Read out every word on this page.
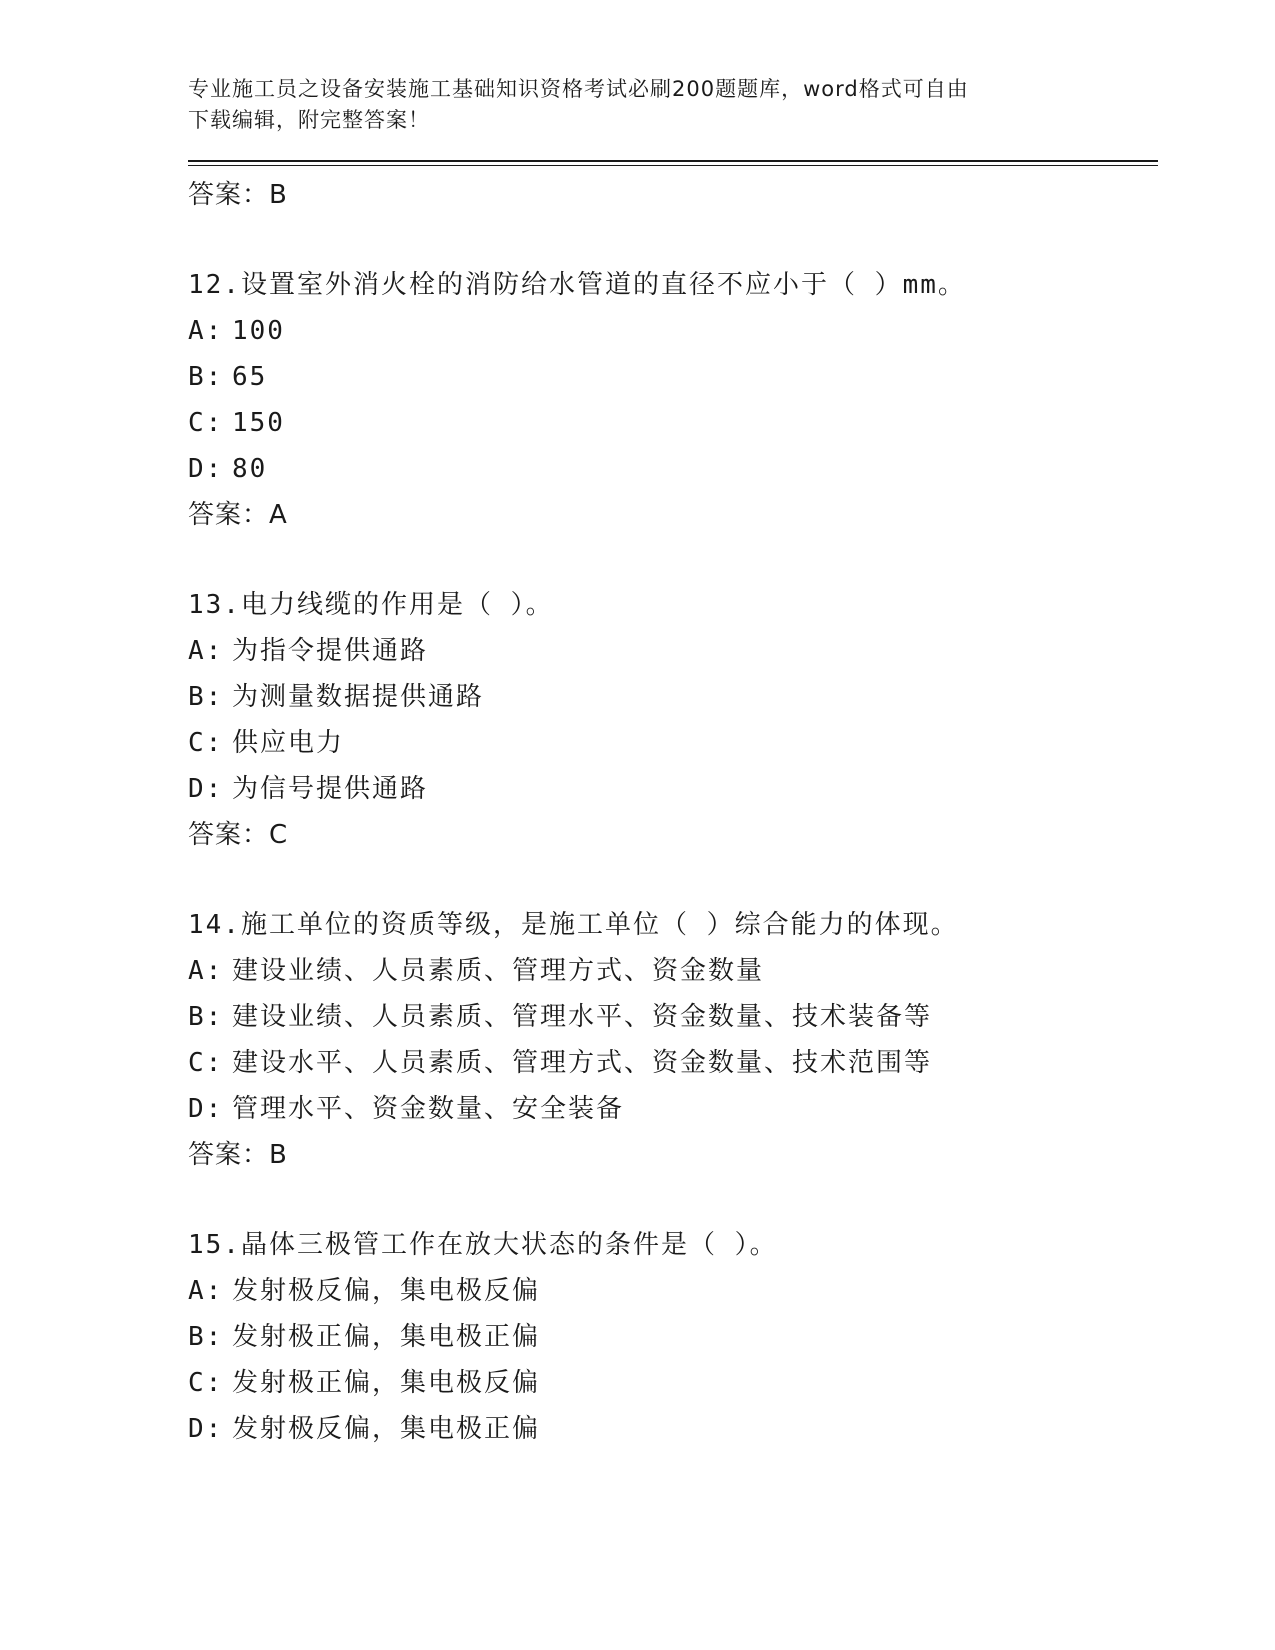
专业施工员之设备安装施工基础知识资格考试必刷200题题库，word格式可自由
下载编辑，附完整答案！

答案：B

12.设置室外消火栓的消防给水管道的直径不应小于（ ）mm。

A: 100

B: 65

C: 150

D: 80

答案：A

13.电力线缆的作用是（ ）。

A: 为指令提供通路

B: 为测量数据提供通路

C: 供应电力

D: 为信号提供通路

答案：C

14.施工单位的资质等级，是施工单位（ ）综合能力的体现。

A: 建设业绩、人员素质、管理方式、资金数量

B: 建设业绩、人员素质、管理水平、资金数量、技术装备等

C: 建设水平、人员素质、管理方式、资金数量、技术范围等

D: 管理水平、资金数量、安全装备

答案：B

15.晶体三极管工作在放大状态的条件是（ ）。

A: 发射极反偏，集电极反偏

B: 发射极正偏，集电极正偏

C: 发射极正偏，集电极反偏

D: 发射极反偏，集电极正偏
